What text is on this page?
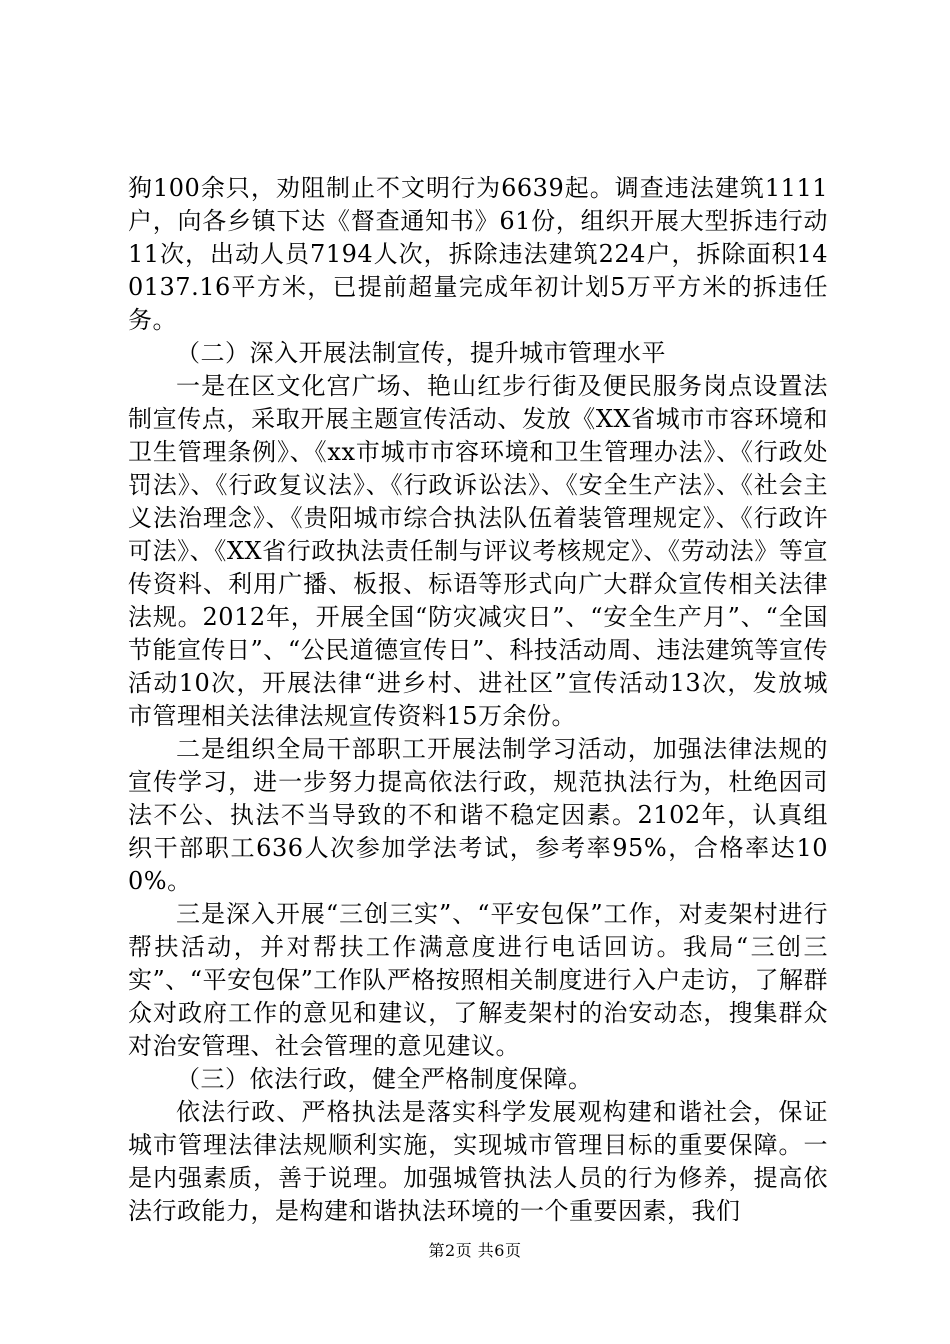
狗100余只，劝阻制止不文明行为6639起。调查违法建筑1111户，向各乡镇下达《督查通知书》61份，组织开展大型拆违行动11次，出动人员7194人次，拆除违法建筑224户，拆除面积140137.16平方米，已提前超量完成年初计划5万平方米的拆违任务。

（二）深入开展法制宣传，提升城市管理水平

一是在区文化宫广场、艳山红步行街及便民服务岗点设置法制宣传点，采取开展主题宣传活动、发放《XX省城市市容环境和卫生管理条例》、《xx市城市市容环境和卫生管理办法》、《行政处罚法》、《行政复议法》、《行政诉讼法》、《安全生产法》、《社会主义法治理念》、《贵阳城市综合执法队伍着装管理规定》、《行政许可法》、《XX省行政执法责任制与评议考核规定》、《劳动法》等宣传资料、利用广播、板报、标语等形式向广大群众宣传相关法律法规。2012年，开展全国“防灾减灾日”、“安全生产月”、“全国节能宣传日”、“公民道德宣传日”、科技活动周、违法建筑等宣传活动10次，开展法律“进乡村、进社区”宣传活动13次，发放城市管理相关法律法规宣传资料15万余份。

二是组织全局干部职工开展法制学习活动，加强法律法规的宣传学习，进一步努力提高依法行政，规范执法行为，杜绝因司法不公、执法不当导致的不和谐不稳定因素。2102年，认真组织干部职工636人次参加学法考试，参考率95%，合格率达100%。

三是深入开展“三创三实”、“平安包保”工作，对麦架村进行帮扶活动，并对帮扶工作满意度进行电话回访。我局“三创三实”、“平安包保”工作队严格按照相关制度进行入户走访，了解群众对政府工作的意见和建议，了解麦架村的治安动态，搜集群众对治安管理、社会管理的意见建议。

（三）依法行政，健全严格制度保障。

依法行政、严格执法是落实科学发展观构建和谐社会，保证城市管理法律法规顺利实施，实现城市管理目标的重要保障。一是内强素质，善于说理。加强城管执法人员的行为修养，提高依法行政能力，是构建和谐执法环境的一个重要因素，我们

第2页 共6页
